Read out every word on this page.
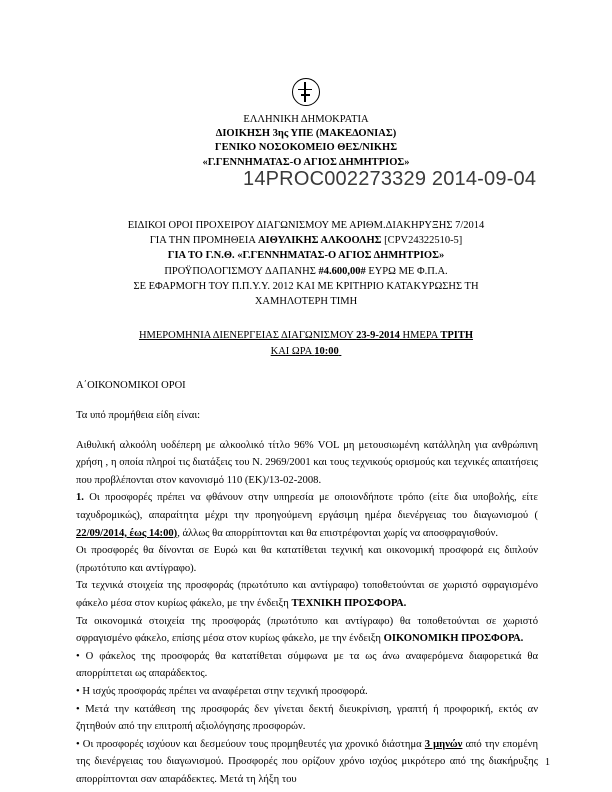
ΕΛΛΗΝΙΚΗ ΔΗΜΟΚΡΑΤΙΑ
ΔΙΟΙΚΗΣΗ 3ης ΥΠΕ (ΜΑΚΕΔΟΝΙΑΣ)
ΓΕΝΙΚΟ ΝΟΣΟΚΟΜΕΙΟ ΘΕΣ/ΝΙΚΗΣ
«Γ.ΓΕΝΝΗΜΑΤΑΣ-Ο ΑΓΙΟΣ ΔΗΜΗΤΡΙΟΣ»
14PROC002273329 2014-09-04
ΕΙΔΙΚΟΙ ΟΡΟΙ ΠΡΟΧΕΙΡΟΥ ΔΙΑΓΩΝΙΣΜΟΥ ΜΕ ΑΡΙΘΜ.ΔΙΑΚΗΡΥΞΗΣ 7/2014
ΓΙΑ ΤΗΝ ΠΡΟΜΗΘΕΙΑ ΑΙΘΥΛΙΚΗΣ ΑΛΚΟΟΛΗΣ [CPV24322510-5]
ΓΙΑ ΤΟ Γ.Ν.Θ. «Γ.ΓΕΝΝΗΜΑΤΑΣ-Ο ΑΓΙΟΣ ΔΗΜΗΤΡΙΟΣ»
ΠΡΟΫΠΟΛΟΓΙΣΜΟΎ ΔΑΠΑΝΗΣ #4.600,00# ΕΥΡΩ ΜΕ Φ.Π.Α.
ΣΕ ΕΦΑΡΜΟΓΗ ΤΟΥ Π.Π.Υ.Υ. 2012 ΚΑΙ ΜΕ ΚΡΙΤΗΡΙΟ ΚΑΤΑΚΥΡΩΣΗΣ ΤΗ
ΧΑΜΗΛΟΤΕΡΗ ΤΙΜΗ
ΗΜΕΡΟΜΗΝΙΑ ΔΙΕΝΕΡΓΕΙΑΣ ΔΙΑΓΩΝΙΣΜΟΥ 23-9-2014 ΗΜΕΡΑ ΤΡΙΤΗ
ΚΑΙ ΩΡΑ 10:00
Α΄ΟΙΚΟΝΟΜΙΚΟΙ ΟΡΟΙ

Τα υπό προμήθεια είδη είναι:

Αιθυλική αλκοόλη υοδέπερη με αλκοολικό τίτλο 96% VOL μη μετουσιωμένη κατάλληλη για ανθρώπινη χρήση , η οποία πληροί τις διατάξεις του Ν. 2969/2001 και τους τεχνικούς ορισμούς και τεχνικές απαιτήσεις που προβλέπονται στον κανονισμό 110 (ΕΚ)/13-02-2008.

1. Οι προσφορές πρέπει να φθάνουν στην υπηρεσία με οποιονδήποτε τρόπο (είτε δια υποβολής, είτε ταχυδρομικώς), απαραίτητα μέχρι την προηγούμενη εργάσιμη ημέρα διενέργειας του διαγωνισμού ( 22/09/2014, έως 14:00), άλλως θα απορρίπτονται και θα επιστρέφονται χωρίς να αποσφραγισθούν.

Οι προσφορές θα δίνονται σε Ευρώ και θα κατατίθεται τεχνική και οικονομική προσφορά εις διπλούν (πρωτότυπο και αντίγραφο).

Τα τεχνικά στοιχεία της προσφοράς (πρωτότυπο και αντίγραφο) τοποθετούνται σε χωριστό σφραγισμένο φάκελο μέσα στον κυρίως φάκελο, με την ένδειξη ΤΕΧΝΙΚΗ ΠΡΟΣΦΟΡΑ.

Τα οικονομικά στοιχεία της προσφοράς (πρωτότυπο και αντίγραφο) θα τοποθετούνται σε χωριστό σφραγισμένο φάκελο, επίσης μέσα στον κυρίως φάκελο, με την ένδειξη ΟΙΚΟΝΟΜΙΚΗ ΠΡΟΣΦΟΡΑ.

• Ο φάκελος της προσφοράς θα κατατίθεται σύμφωνα με τα ως άνω αναφερόμενα διαφορετικά θα απορρίπτεται ως απαράδεκτος.

• Η ισχύς προσφοράς πρέπει να αναφέρεται στην τεχνική προσφορά.

• Μετά την κατάθεση της προσφοράς δεν γίνεται δεκτή διευκρίνιση, γραπτή ή προφορική, εκτός αν ζητηθούν από την επιτροπή αξιολόγησης προσφορών.

• Οι προσφορές ισχύουν και δεσμεύουν τους προμηθευτές για χρονικό διάστημα 3 μηνών από την επομένη της διενέργειας του διαγωνισμού. Προσφορές που ορίζουν χρόνο ισχύος μικρότερο από της διακήρυξης απορρίπτονται σαν απαράδεκτες. Μετά τη λήξη του

1
